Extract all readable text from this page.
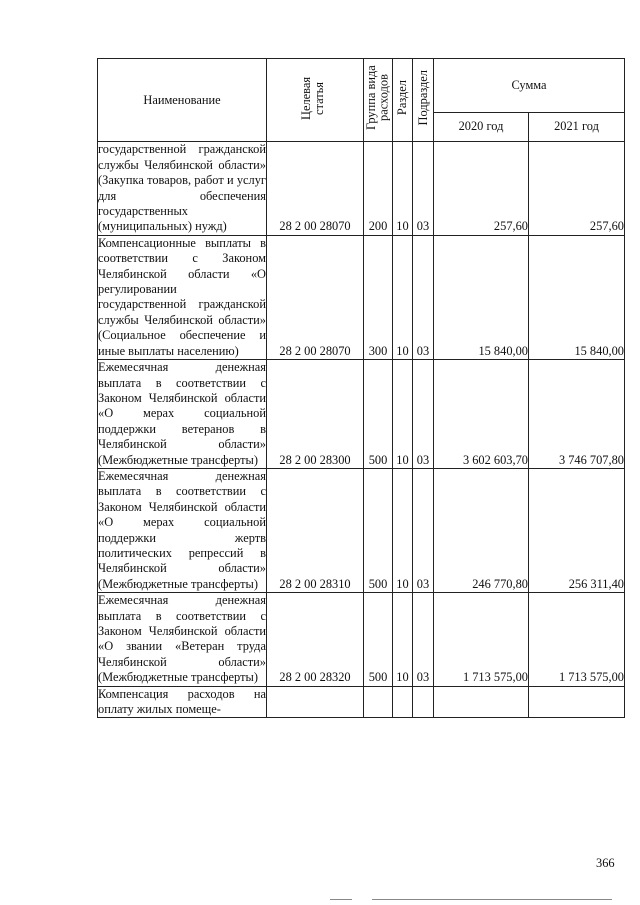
Наименование	Целевая статья	Группа вида расходов	Раздел	Подраздел	Сумма	
					2020 год	2021 год
государственной гражданской службы Челябинской области» (Закупка товаров, работ и услуг для обеспечения государственных (муниципальных) нужд)	28 2 00 28070	200	10	03	257,60	257,60
Компенсационные выплаты в соответствии с Законом Челябинской области «О регулировании государственной гражданской службы Челябинской области» (Социальное обеспечение и иные выплаты населению)	28 2 00 28070	300	10	03	15 840,00	15 840,00
Ежемесячная денежная выплата в соответствии с Законом Челябинской области «О мерах социальной поддержки ветеранов в Челябинской области» (Межбюджетные трансферты)	28 2 00 28300	500	10	03	3 602 603,70	3 746 707,80
Ежемесячная денежная выплата в соответствии с Законом Челябинской области «О мерах социальной поддержки жертв политических репрессий в Челябинской области» (Межбюджетные трансферты)	28 2 00 28310	500	10	03	246 770,80	256 311,40
Ежемесячная денежная выплата в соответствии с Законом Челябинской области «О звании «Ветеран труда Челябинской области» (Межбюджетные трансферты)	28 2 00 28320	500	10	03	1 713 575,00	1 713 575,00
Компенсация расходов на оплату жилых помеще-						
366
